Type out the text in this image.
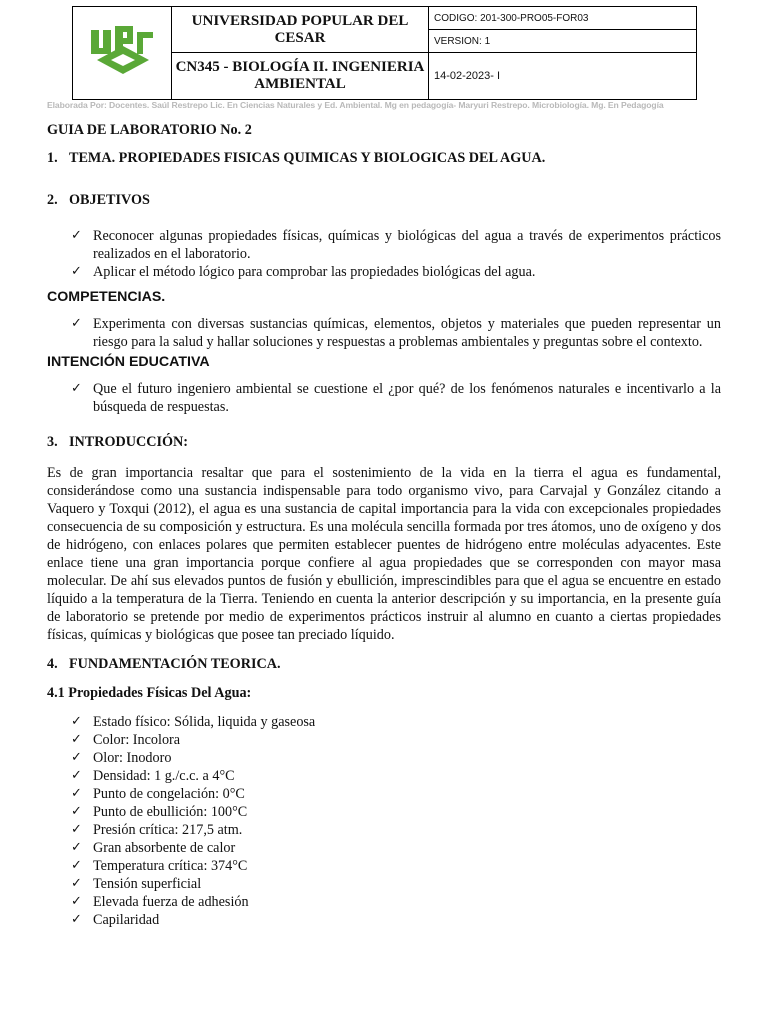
	UNIVERSIDAD POPULAR DEL CESAR	CODIGO: 201-300-PRO05-FOR03
		VERSION: 1
	CN345 - BIOLOGÍA II. INGENIERIA AMBIENTAL	14-02-2023- I

Elaborada Por: Docentes. Saúl Restrepo Lic. En Ciencias Naturales y Ed. Ambiental. Mg en pedagogía- Maryuri Restrepo. Microbiología. Mg. En Pedagogía
GUIA DE LABORATORIO No. 2
1. TEMA. PROPIEDADES FISICAS QUIMICAS Y BIOLOGICAS DEL AGUA.
2. OBJETIVOS
✓ Reconocer algunas propiedades físicas, químicas y biológicas del agua a través de experimentos prácticos realizados en el laboratorio.
✓ Aplicar el método lógico para comprobar las propiedades biológicas del agua.
COMPETENCIAS.
✓ Experimenta con diversas sustancias químicas, elementos, objetos y materiales que pueden representar un riesgo para la salud y hallar soluciones y respuestas a problemas ambientales y preguntas sobre el contexto.
INTENCIÓN EDUCATIVA
✓ Que el futuro ingeniero ambiental se cuestione el ¿por qué? de los fenómenos naturales e incentivarlo a la búsqueda de respuestas.
3. INTRODUCCIÓN:
Es de gran importancia resaltar que para el sostenimiento de la vida en la tierra el agua es fundamental, considerándose como una sustancia indispensable para todo organismo vivo, para Carvajal y González citando a Vaquero y Toxqui (2012), el agua es una sustancia de capital importancia para la vida con excepcionales propiedades consecuencia de su composición y estructura. Es una molécula sencilla formada por tres átomos, uno de oxígeno y dos de hidrógeno, con enlaces polares que permiten establecer puentes de hidrógeno entre moléculas adyacentes. Este enlace tiene una gran importancia porque confiere al agua propiedades que se corresponden con mayor masa molecular. De ahí sus elevados puntos de fusión y ebullición, imprescindibles para que el agua se encuentre en estado líquido a la temperatura de la Tierra. Teniendo en cuenta la anterior descripción y su importancia, en la presente guía de laboratorio se pretende por medio de experimentos prácticos instruir al alumno en cuanto a ciertas propiedades físicas, químicas y biológicas que posee tan preciado líquido.
4. FUNDAMENTACIÓN TEORICA.
4.1 Propiedades Físicas Del Agua:
✓ Estado físico: Sólida, liquida y gaseosa
✓ Color: Incolora
✓ Olor: Inodoro
✓ Densidad: 1 g./c.c. a 4°C
✓ Punto de congelación: 0°C
✓ Punto de ebullición: 100°C
✓ Presión crítica: 217,5 atm.
✓ Gran absorbente de calor
✓ Temperatura crítica: 374°C
✓ Tensión superficial
✓ Elevada fuerza de adhesión
✓ Capilaridad
